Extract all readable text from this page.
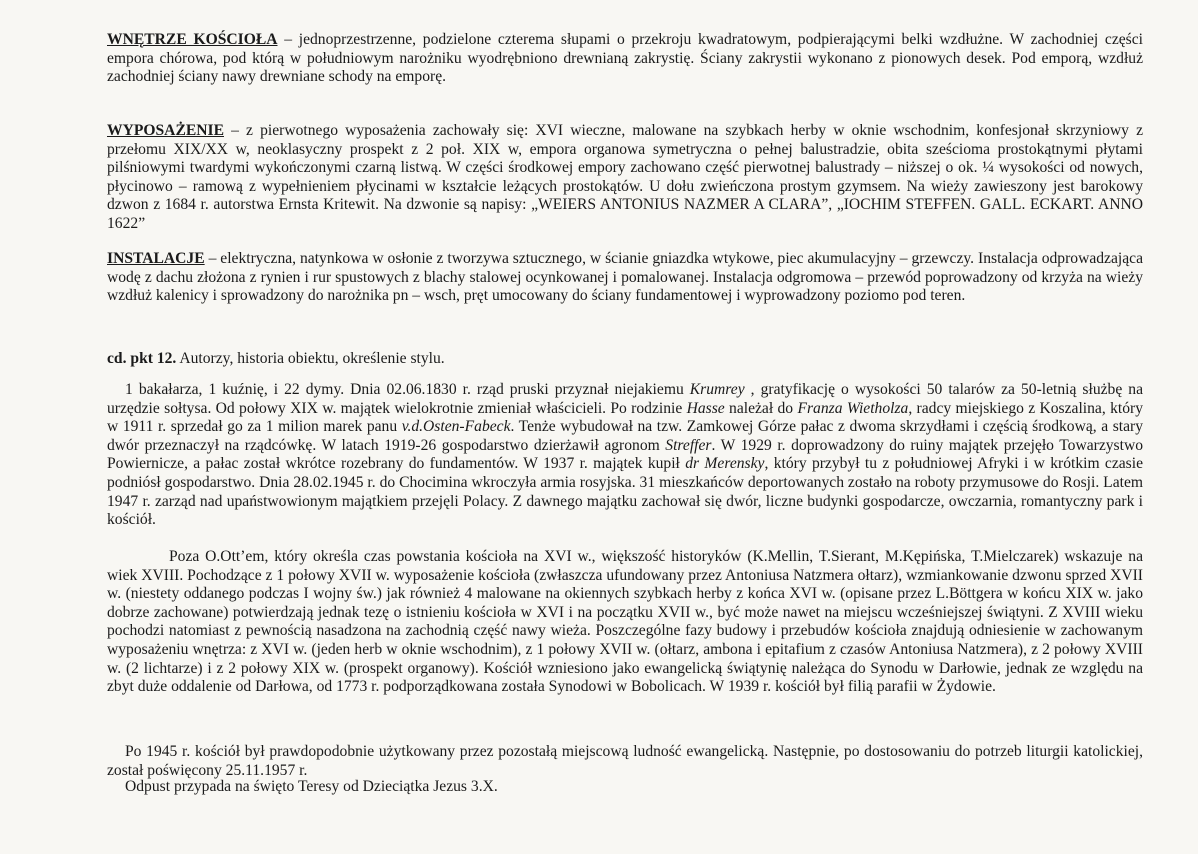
WNĘTRZE KOŚCIOŁA – jednoprzestrzenne, podzielone czterema słupami o przekroju kwadratowym, podpierającymi belki wzdłużne. W zachodniej części empora chórowa, pod którą w południowym narożniku wyodrębniono drewnianą zakrystię. Ściany zakrystii wykonano z pionowych desek. Pod emporą, wzdłuż zachodniej ściany nawy drewniane schody na emporę.
WYPOSAŻENIE – z pierwotnego wyposażenia zachowały się: XVI wieczne, malowane na szybkach herby w oknie wschodnim, konfesjonał skrzyniowy z przełomu XIX/XX w, neoklasyczny prospekt z 2 poł. XIX w, empora organowa symetryczna o pełnej balustradzie, obita sześcioma prostokątnymi płytami pilśniowymi twardymi wykończonymi czarną listwą. W części środkowej empory zachowano część pierwotnej balustrady – niższej o ok. ¼ wysokości od nowych, płycinowo – ramową z wypełnieniem płycinami w kształcie leżących prostokątów. U dołu zwieńczona prostym gzymsem. Na wieży zawieszony jest barokowy dzwon z 1684 r. autorstwa Ernsta Kritewit. Na dzwonie są napisy: „WEIERS ANTONIUS NAZMER A CLARA”, „IOCHIM STEFFEN. GALL. ECKART. ANNO 1622”
INSTALACJE – elektryczna, natynkowa w osłonie z tworzywa sztucznego, w ścianie gniazdka wtykowe, piec akumulacyjny – grzewczy. Instalacja odprowadzająca wodę z dachu złożona z rynien i rur spustowych z blachy stalowej ocynkowanej i pomalowanej. Instalacja odgromowa – przewód poprowadzony od krzyża na wieży wzdłuż kalenicy i sprowadzony do narożnika pn – wsch, pręt umocowany do ściany fundamentowej i wyprowadzony poziomo pod teren.
cd. pkt 12. Autorzy, historia obiektu, określenie stylu.
1 bakałarza, 1 kuźnię, i 22 dymy. Dnia 02.06.1830 r. rząd pruski przyznał niejakiemu Krumrey , gratyfikację o wysokości 50 talarów za 50-letnią służbę na urzędzie sołtysa. Od połowy XIX w. majątek wielokrotnie zmieniał właścicieli. Po rodzinie Hasse należał do Franza Wietholza, radcy miejskiego z Koszalina, który w 1911 r. sprzedał go za 1 milion marek panu v.d.Osten-Fabeck. Tenże wybudował na tzw. Zamkowej Górze pałac z dwoma skrzydłami i częścią środkową, a stary dwór przeznaczył na rządcówkę. W latach 1919-26 gospodarstwo dzierżawił agronom Streffer. W 1929 r. doprowadzony do ruiny majątek przejęło Towarzystwo Powiernicze, a pałac został wkrótce rozebrany do fundamentów. W 1937 r. majątek kupił dr Merensky, który przybył tu z południowej Afryki i w krótkim czasie podniósł gospodarstwo. Dnia 28.02.1945 r. do Chocimina wkroczyła armia rosyjska. 31 mieszkańców deportowanych zostało na roboty przymusowe do Rosji. Latem 1947 r. zarząd nad upaństwowionym majątkiem przejęli Polacy. Z dawnego majątku zachował się dwór, liczne budynki gospodarcze, owczarnia, romantyczny park i kościół.
Poza O.Ott’em, który określa czas powstania kościoła na XVI w., większość historyków (K.Mellin, T.Sierant, M.Kępińska, T.Mielczarek) wskazuje na wiek XVIII. Pochodzące z 1 połowy XVII w. wyposażenie kościoła (zwłaszcza ufundowany przez Antoniusa Natzmera ołtarz), wzmiankowanie dzwonu sprzed XVII w. (niestety oddanego podczas I wojny św.) jak również 4 malowane na okiennych szybkach herby z końca XVI w. (opisane przez L.Böttgera w końcu XIX w. jako dobrze zachowane) potwierdzają jednak tezę o istnieniu kościoła w XVI i na początku XVII w., być może nawet na miejscu wcześniejszej świątyni. Z XVIII wieku pochodzi natomiast z pewnością nasadzona na zachodnią część nawy wieża. Poszczególne fazy budowy i przebudów kościoła znajdują odniesienie w zachowanym wyposażeniu wnętrza: z XVI w. (jeden herb w oknie wschodnim), z 1 połowy XVII w. (ołtarz, ambona i epitafium z czasów Antoniusa Natzmera), z 2 połowy XVIII w. (2 lichtarze) i z 2 połowy XIX w. (prospekt organowy). Kościół wzniesiono jako ewangelicką świątynię należąca do Synodu w Darłowie, jednak ze względu na zbyt duże oddalenie od Darłowa, od 1773 r. podporządkowana została Synodowi w Bobolicach. W 1939 r. kościół był filią parafii w Żydowie.
Po 1945 r. kościół był prawdopodobnie użytkowany przez pozostałą miejscową ludność ewangelicką. Następnie, po dostosowaniu do potrzeb liturgii katolickiej, został poświęcony 25.11.1957 r.
Odpust przypada na święto Teresy od Dzieciątka Jezus 3.X.
